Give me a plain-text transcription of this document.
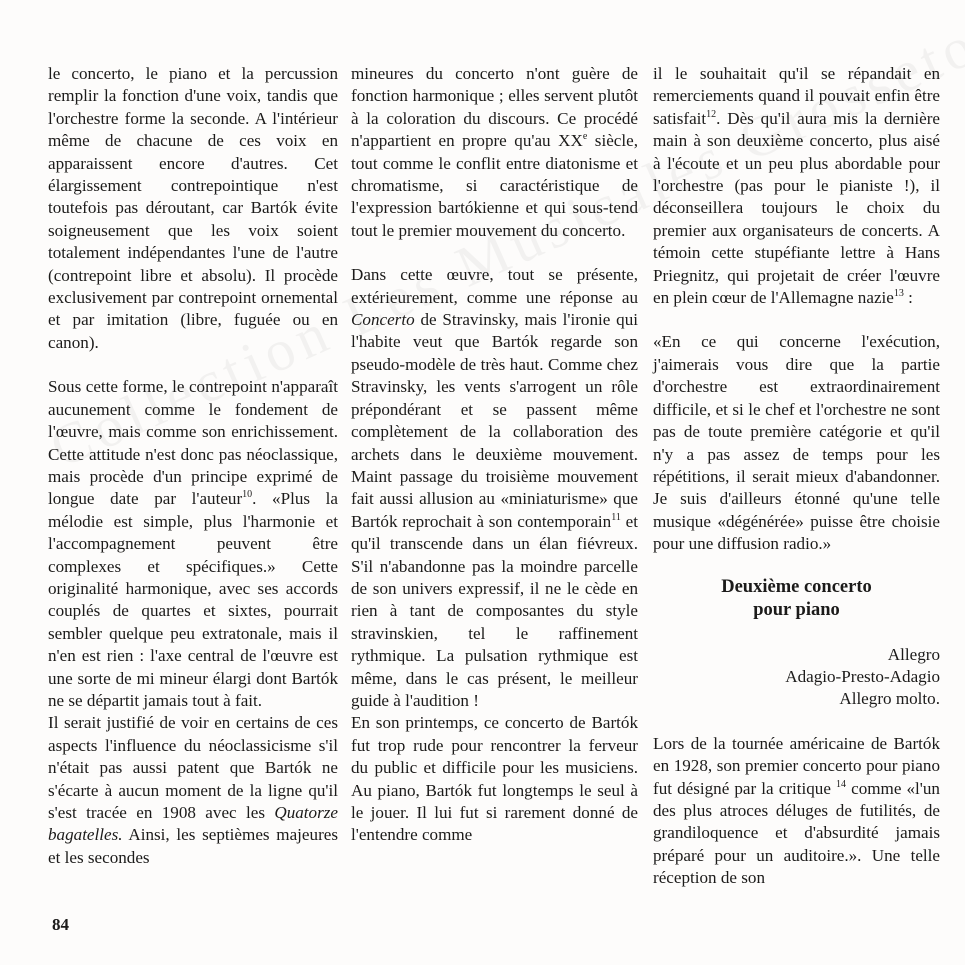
le concerto, le piano et la percussion remplir la fonction d'une voix, tandis que l'orchestre forme la seconde. A l'intérieur même de chacune de ces voix en apparaissent encore d'autres. Cet élargissement contrepointique n'est toutefois pas déroutant, car Bartók évite soigneusement que les voix soient totalement indépendantes l'une de l'autre (contrepoint libre et absolu). Il procède exclusivement par contrepoint ornemental et par imitation (libre, fuguée ou en canon).

Sous cette forme, le contrepoint n'apparaît aucunement comme le fondement de l'œuvre, mais comme son enrichissement. Cette attitude n'est donc pas néoclassique, mais procède d'un principe exprimé de longue date par l'auteur$^{10}$. «Plus la mélodie est simple, plus l'harmonie et l'accompagnement peuvent être complexes et spécifiques.» Cette originalité harmonique, avec ses accords couplés de quartes et sixtes, pourrait sembler quelque peu extratonale, mais il n'en est rien : l'axe central de l'œuvre est une sorte de mi mineur élargi dont Bartók ne se départit jamais tout à fait.

Il serait justifié de voir en certains de ces aspects l'influence du néoclassicisme s'il n'était pas aussi patent que Bartók ne s'écarte à aucun moment de la ligne qu'il s'est tracée en 1908 avec les Quatorze bagatelles. Ainsi, les septièmes majeures et les secondes

mineures du concerto n'ont guère de fonction harmonique ; elles servent plutôt à la coloration du discours. Ce procédé n'appartient en propre qu'au XXe siècle, tout comme le conflit entre diatonisme et chromatisme, si caractéristique de l'expression bartókienne et qui sous-tend tout le premier mouvement du concerto.

Dans cette œuvre, tout se présente, extérieurement, comme une réponse au Concerto de Stravinsky, mais l'ironie qui l'habite veut que Bartók regarde son pseudo-modèle de très haut. Comme chez Stravinsky, les vents s'arrogent un rôle prépondérant et se passent même complètement de la collaboration des archets dans le deuxième mouvement. Maint passage du troisième mouvement fait aussi allusion au «miniaturisme» que Bartók reprochait à son contemporain$^{11}$ et qu'il transcende dans un élan fiévreux. S'il n'abandonne pas la moindre parcelle de son univers expressif, il ne le cède en rien à tant de composantes du style stravinskien, tel le raffinement rythmique. La pulsation rythmique est même, dans le cas présent, le meilleur guide à l'audition !

En son printemps, ce concerto de Bartók fut trop rude pour rencontrer la ferveur du public et difficile pour les musiciens. Au piano, Bartók fut longtemps le seul à le jouer. Il lui fut si rarement donné de l'entendre comme

il le souhaitait qu'il se répandait en remerciements quand il pouvait enfin être satisfait$^{12}$. Dès qu'il aura mis la dernière main à son deuxième concerto, plus aisé à l'écoute et un peu plus abordable pour l'orchestre (pas pour le pianiste !), il déconseillera toujours le choix du premier aux organisateurs de concerts. A témoin cette stupéfiante lettre à Hans Priegnitz, qui projetait de créer l'œuvre en plein cœur de l'Allemagne nazie$^{13}$ :

«En ce qui concerne l'exécution, j'aimerais vous dire que la partie d'orchestre est extraordinairement difficile, et si le chef et l'orchestre ne sont pas de toute première catégorie et qu'il n'y a pas assez de temps pour les répétitions, il serait mieux d'abandonner. Je suis d'ailleurs étonné qu'une telle musique «dégénérée» puisse être choisie pour une diffusion radio.»

Deuxième concerto
pour piano

Allegro

Adagio-Presto-Adagio

Allegro molto.

Lors de la tournée américaine de Bartók en 1928, son premier concerto pour piano fut désigné par la critique $^{14}$ comme «l'un des plus atroces déluges de futilités, de grandiloquence et d'absurdité jamais préparé pour un auditoire.». Une telle réception de son

84
